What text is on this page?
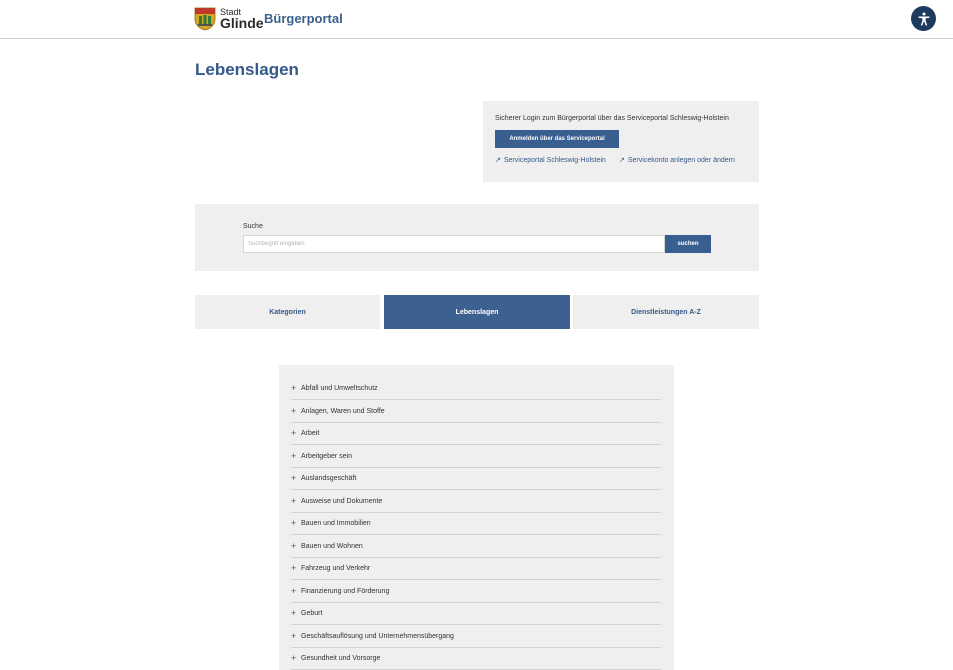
Stadt
Glinde Bürgerportal
Lebenslagen
Sicherer Login zum Bürgerportal über das Serviceportal Schleswig-Holstein
Anmelden über das Serviceportal
↗ Serviceportal Schleswig-Holstein ↗ Servicekonto anlegen oder ändern
Suche
Suchbegriff eingeben
suchen
Kategorien	Lebenslagen	Dienstleistungen A-Z
+ Abfall und Umweltschutz
+ Anlagen, Waren und Stoffe
+ Arbeit
+ Arbeitgeber sein
+ Auslandsgeschäft
+ Ausweise und Dokumente
+ Bauen und Immobilien
+ Bauen und Wohnen
+ Fahrzeug und Verkehr
+ Finanzierung und Förderung
+ Geburt
+ Geschäftsauflösung und Unternehmensübergang
+ Gesundheit und Vorsorge
